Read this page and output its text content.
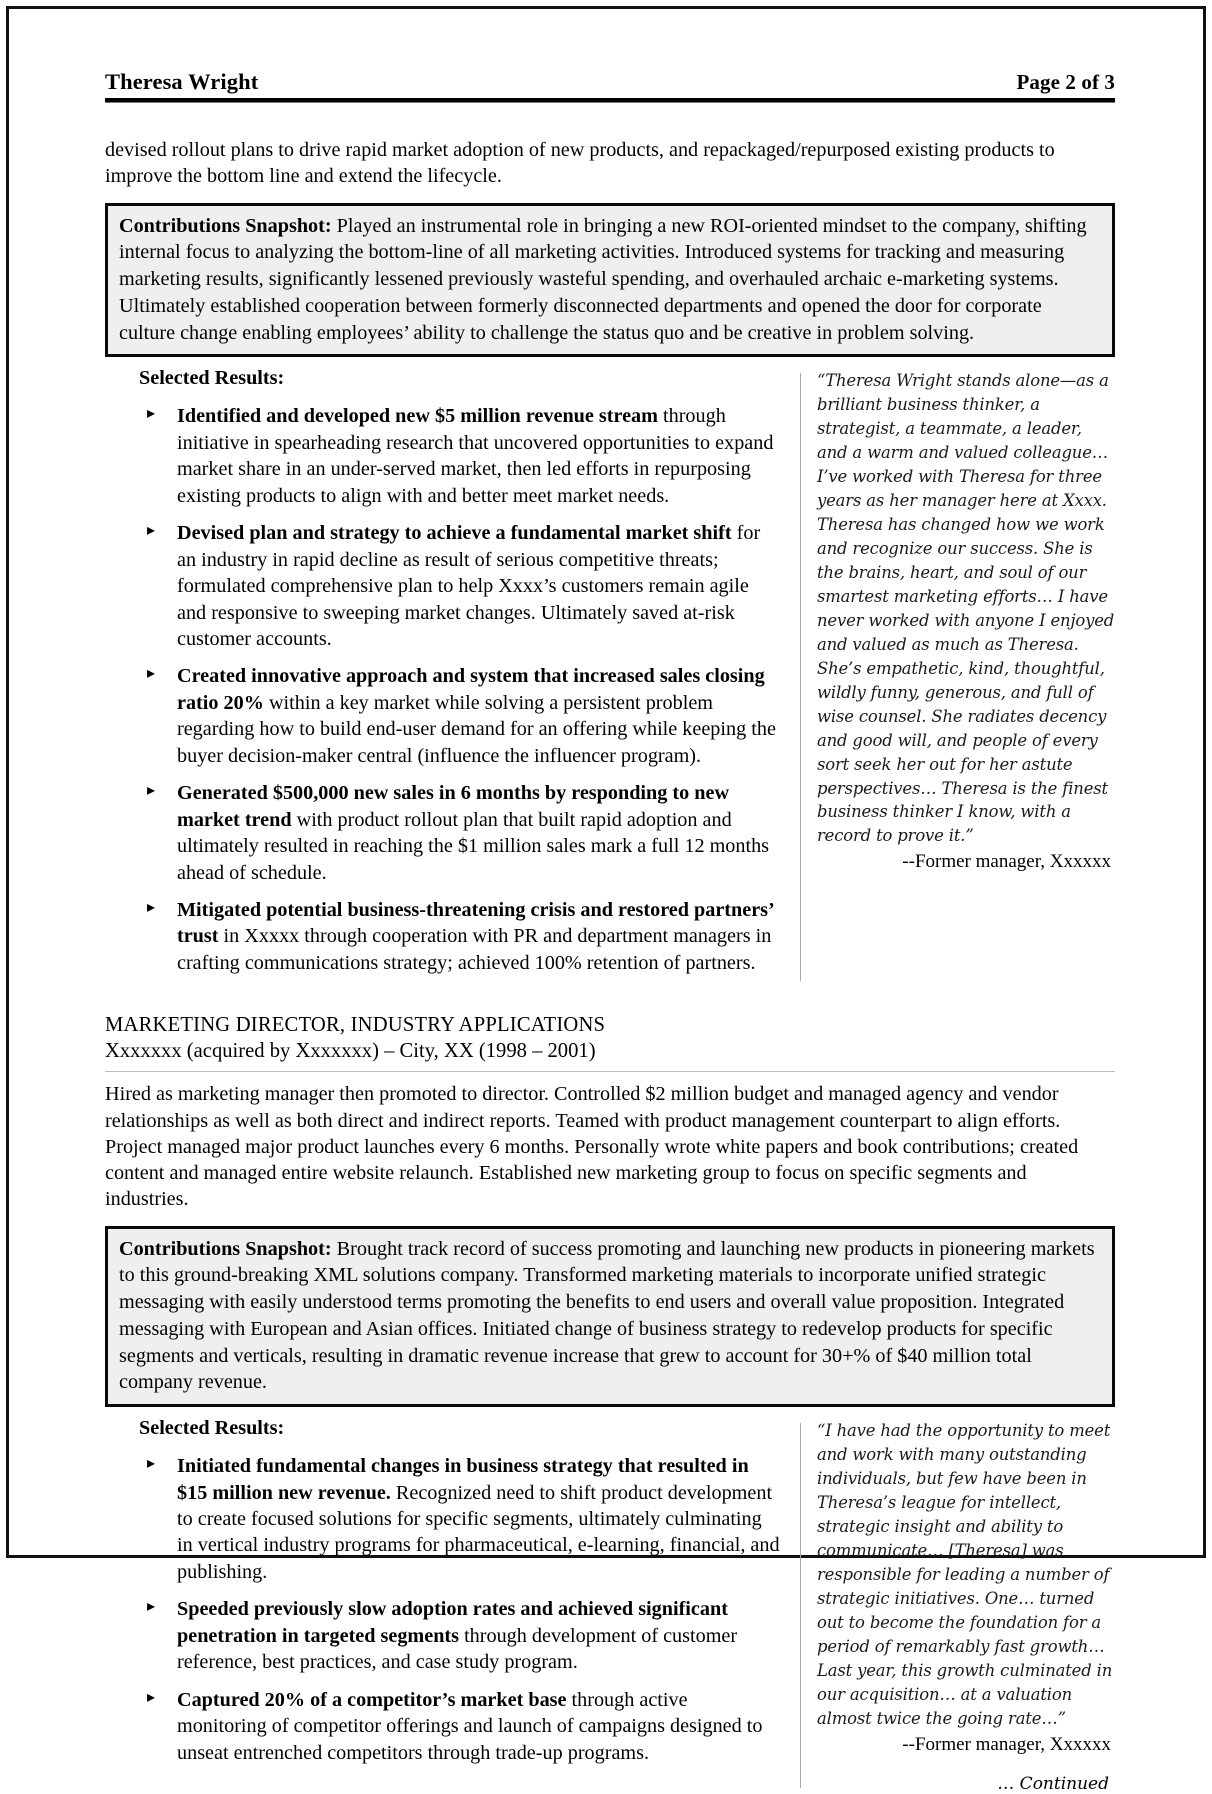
Theresa Wright	Page 2 of 3

devised rollout plans to drive rapid market adoption of new products, and repackaged/repurposed existing products to improve the bottom line and extend the lifecycle.

Contributions Snapshot: Played an instrumental role in bringing a new ROI-oriented mindset to the company, shifting internal focus to analyzing the bottom-line of all marketing activities. Introduced systems for tracking and measuring marketing results, significantly lessened previously wasteful spending, and overhauled archaic e-marketing systems. Ultimately established cooperation between formerly disconnected departments and opened the door for corporate culture change enabling employees’ ability to challenge the status quo and be creative in problem solving.

Selected Results:
▸ Identified and developed new $5 million revenue stream through initiative in spearheading research that uncovered opportunities to expand market share in an under-served market, then led efforts in repurposing existing products to align with and better meet market needs.
▸ Devised plan and strategy to achieve a fundamental market shift for an industry in rapid decline as result of serious competitive threats; formulated comprehensive plan to help Xxxx’s customers remain agile and responsive to sweeping market changes. Ultimately saved at-risk customer accounts.
▸ Created innovative approach and system that increased sales closing ratio 20% within a key market while solving a persistent problem regarding how to build end-user demand for an offering while keeping the buyer decision-maker central (influence the influencer program).
▸ Generated $500,000 new sales in 6 months by responding to new market trend with product rollout plan that built rapid adoption and ultimately resulted in reaching the $1 million sales mark a full 12 months ahead of schedule.
▸ Mitigated potential business-threatening crisis and restored partners’ trust in Xxxxx through cooperation with PR and department managers in crafting communications strategy; achieved 100% retention of partners.

“Theresa Wright stands alone—as a brilliant business thinker, a strategist, a teammate, a leader, and a warm and valued colleague… I’ve worked with Theresa for three years as her manager here at Xxxx. Theresa has changed how we work and recognize our success. She is the brains, heart, and soul of our smartest marketing efforts… I have never worked with anyone I enjoyed and valued as much as Theresa. She’s empathetic, kind, thoughtful, wildly funny, generous, and full of wise counsel. She radiates decency and good will, and people of every sort seek her out for her astute perspectives… Theresa is the finest business thinker I know, with a record to prove it.”

--Former manager, Xxxxxx
MARKETING DIRECTOR, INDUSTRY APPLICATIONS
Xxxxxxx (acquired by Xxxxxxx) – City, XX (1998 – 2001)

Hired as marketing manager then promoted to director. Controlled $2 million budget and managed agency and vendor relationships as well as both direct and indirect reports. Teamed with product management counterpart to align efforts. Project managed major product launches every 6 months. Personally wrote white papers and book contributions; created content and managed entire website relaunch. Established new marketing group to focus on specific segments and industries.

Contributions Snapshot: Brought track record of success promoting and launching new products in pioneering markets to this ground-breaking XML solutions company. Transformed marketing materials to incorporate unified strategic messaging with easily understood terms promoting the benefits to end users and overall value proposition. Integrated messaging with European and Asian offices. Initiated change of business strategy to redevelop products for specific segments and verticals, resulting in dramatic revenue increase that grew to account for 30+% of $40 million total company revenue.

Selected Results:
▸ Initiated fundamental changes in business strategy that resulted in $15 million new revenue. Recognized need to shift product development to create focused solutions for specific segments, ultimately culminating in vertical industry programs for pharmaceutical, e-learning, financial, and publishing.
▸ Speeded previously slow adoption rates and achieved significant penetration in targeted segments through development of customer reference, best practices, and case study program.
▸ Captured 20% of a competitor’s market base through active monitoring of competitor offerings and launch of campaigns designed to unseat entrenched competitors through trade-up programs.

“I have had the opportunity to meet and work with many outstanding individuals, but few have been in Theresa’s league for intellect, strategic insight and ability to communicate… [Theresa] was responsible for leading a number of strategic initiatives. One… turned out to become the foundation for a period of remarkably fast growth… Last year, this growth culminated in our acquisition… at a valuation almost twice the going rate…”

--Former manager, Xxxxxx
… Continued
